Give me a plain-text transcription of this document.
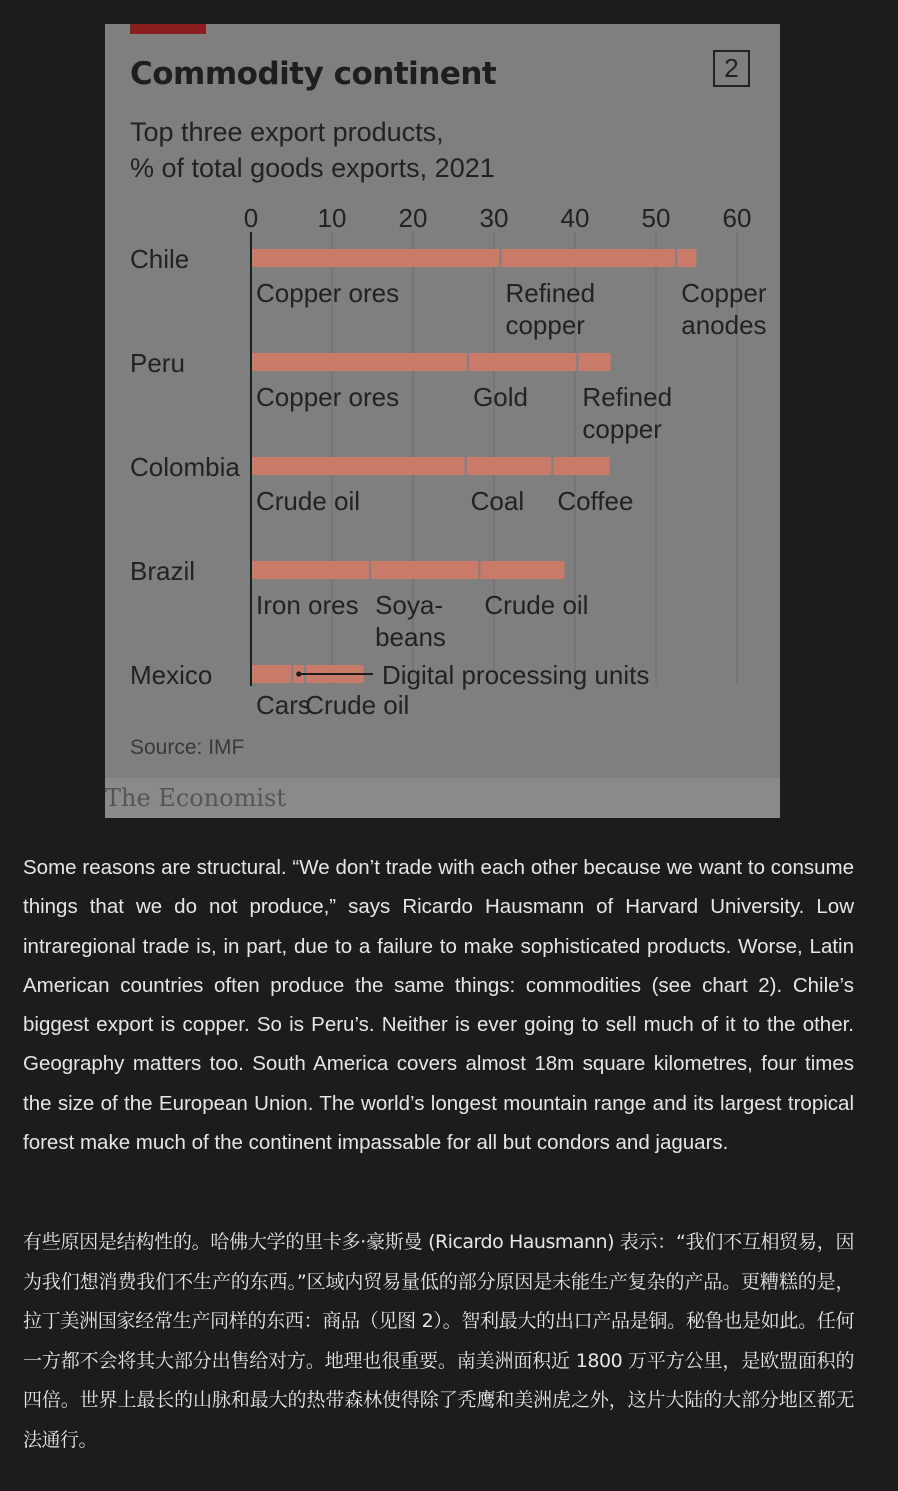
Commodity continent	2

Top three export products,
% of total goods exports, 2021

0 10 20 30 40 50 60
Chile
Copper ores	Refined
copper
Copper
anodes
Peru
Copper ores	Gold Refined
copper
Colombia
Crude oil	Coal Coffee
Brazil
Iron ores Soya-
beans
Crude oil
Mexico
Cars
Crude oil
Digital processing units
Source: IMF
The Economist

Some reasons are structural. “We don’t trade with each other because we want to consume things that we do not produce,” says Ricardo Hausmann of Harvard University. Low intraregional trade is, in part, due to a failure to make sophisticated products. Worse, Latin American countries often produce the same things: commodities (see chart 2). Chile’s biggest export is copper. So is Peru’s. Neither is ever going to sell much of it to the other. Geography matters too. South America covers almost 18m square kilometres, four times the size of the European Union. The world’s longest mountain range and its largest tropical forest make much of the continent impassable for all but condors and jaguars.

有些原因是结构性的。哈佛大学的里卡多·豪斯曼 (Ricardo Hausmann) 表示：“我们不互相贸易，因为我们想消费我们不生产的东西。”区域内贸易量低的部分原因是未能生产复杂的产品。更糟糕的是，拉丁美洲国家经常生产同样的东西：商品（见图 2）。智利最大的出口产品是铜。秘鲁也是如此。任何一方都不会将其大部分出售给对方。地理也很重要。南美洲面积近 1800 万平方公里，是欧盟面积的四倍。世界上最长的山脉和最大的热带森林使得除了秃鹰和美洲虎之外，这片大陆的大部分地区都无法通行。
